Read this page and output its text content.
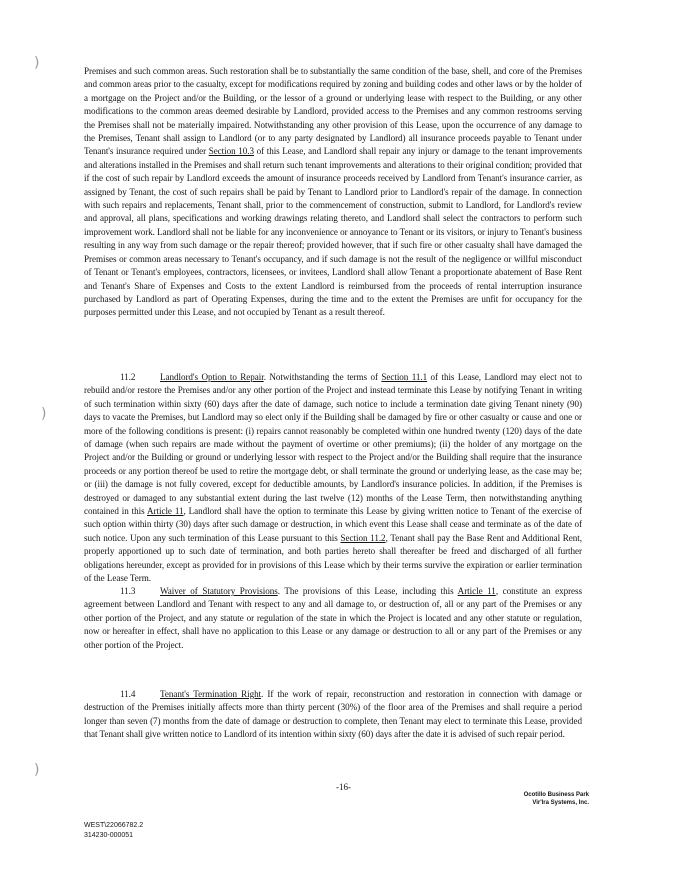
)
)
)
Premises and such common areas. Such restoration shall be to substantially the same condition of the base, shell, and core of the Premises and common areas prior to the casualty, except for modifications required by zoning and building codes and other laws or by the holder of a mortgage on the Project and/or the Building, or the lessor of a ground or underlying lease with respect to the Building, or any other modifications to the common areas deemed desirable by Landlord, provided access to the Premises and any common restrooms serving the Premises shall not be materially impaired. Notwithstanding any other provision of this Lease, upon the occurrence of any damage to the Premises, Tenant shall assign to Landlord (or to any party designated by Landlord) all insurance proceeds payable to Tenant under Tenant's insurance required under Section 10.3 of this Lease, and Landlord shall repair any injury or damage to the tenant improvements and alterations installed in the Premises and shall return such tenant improvements and alterations to their original condition; provided that if the cost of such repair by Landlord exceeds the amount of insurance proceeds received by Landlord from Tenant's insurance carrier, as assigned by Tenant, the cost of such repairs shall be paid by Tenant to Landlord prior to Landlord's repair of the damage. In connection with such repairs and replacements, Tenant shall, prior to the commencement of construction, submit to Landlord, for Landlord's review and approval, all plans, specifications and working drawings relating thereto, and Landlord shall select the contractors to perform such improvement work. Landlord shall not be liable for any inconvenience or annoyance to Tenant or its visitors, or injury to Tenant's business resulting in any way from such damage or the repair thereof; provided however, that if such fire or other casualty shall have damaged the Premises or common areas necessary to Tenant's occupancy, and if such damage is not the result of the negligence or willful misconduct of Tenant or Tenant's employees, contractors, licensees, or invitees, Landlord shall allow Tenant a proportionate abatement of Base Rent and Tenant's Share of Expenses and Costs to the extent Landlord is reimbursed from the proceeds of rental interruption insurance purchased by Landlord as part of Operating Expenses, during the time and to the extent the Premises are unfit for occupancy for the purposes permitted under this Lease, and not occupied by Tenant as a result thereof.
11.2	Landlord's Option to Repair. Notwithstanding the terms of Section 11.1 of this Lease, Landlord may elect not to rebuild and/or restore the Premises and/or any other portion of the Project and instead terminate this Lease by notifying Tenant in writing of such termination within sixty (60) days after the date of damage, such notice to include a termination date giving Tenant ninety (90) days to vacate the Premises, but Landlord may so elect only if the Building shall be damaged by fire or other casualty or cause and one or more of the following conditions is present: (i) repairs cannot reasonably be completed within one hundred twenty (120) days of the date of damage (when such repairs are made without the payment of overtime or other premiums); (ii) the holder of any mortgage on the Project and/or the Building or ground or underlying lessor with respect to the Project and/or the Building shall require that the insurance proceeds or any portion thereof be used to retire the mortgage debt, or shall terminate the ground or underlying lease, as the case may be; or (iii) the damage is not fully covered, except for deductible amounts, by Landlord's insurance policies. In addition, if the Premises is destroyed or damaged to any substantial extent during the last twelve (12) months of the Lease Term, then notwithstanding anything contained in this Article 11, Landlord shall have the option to terminate this Lease by giving written notice to Tenant of the exercise of such option within thirty (30) days after such damage or destruction, in which event this Lease shall cease and terminate as of the date of such notice. Upon any such termination of this Lease pursuant to this Section 11.2, Tenant shall pay the Base Rent and Additional Rent, properly apportioned up to such date of termination, and both parties hereto shall thereafter be freed and discharged of all further obligations hereunder, except as provided for in provisions of this Lease which by their terms survive the expiration or earlier termination of the Lease Term.
11.3	Waiver of Statutory Provisions. The provisions of this Lease, including this Article 11, constitute an express agreement between Landlord and Tenant with respect to any and all damage to, or destruction of, all or any part of the Premises or any other portion of the Project, and any statute or regulation of the state in which the Project is located and any other statute or regulation, now or hereafter in effect, shall have no application to this Lease or any damage or destruction to all or any part of the Premises or any other portion of the Project.
11.4	Tenant's Termination Right. If the work of repair, reconstruction and restoration in connection with damage or destruction of the Premises initially affects more than thirty percent (30%) of the floor area of the Premises and shall require a period longer than seven (7) months from the date of damage or destruction to complete, then Tenant may elect to terminate this Lease, provided that Tenant shall give written notice to Landlord of its intention within sixty (60) days after the date it is advised of such repair period.
-16-
Ocotillo Business Park
Vir'Ira Systems, Inc.
WEST\22066782.2
314230-000051
